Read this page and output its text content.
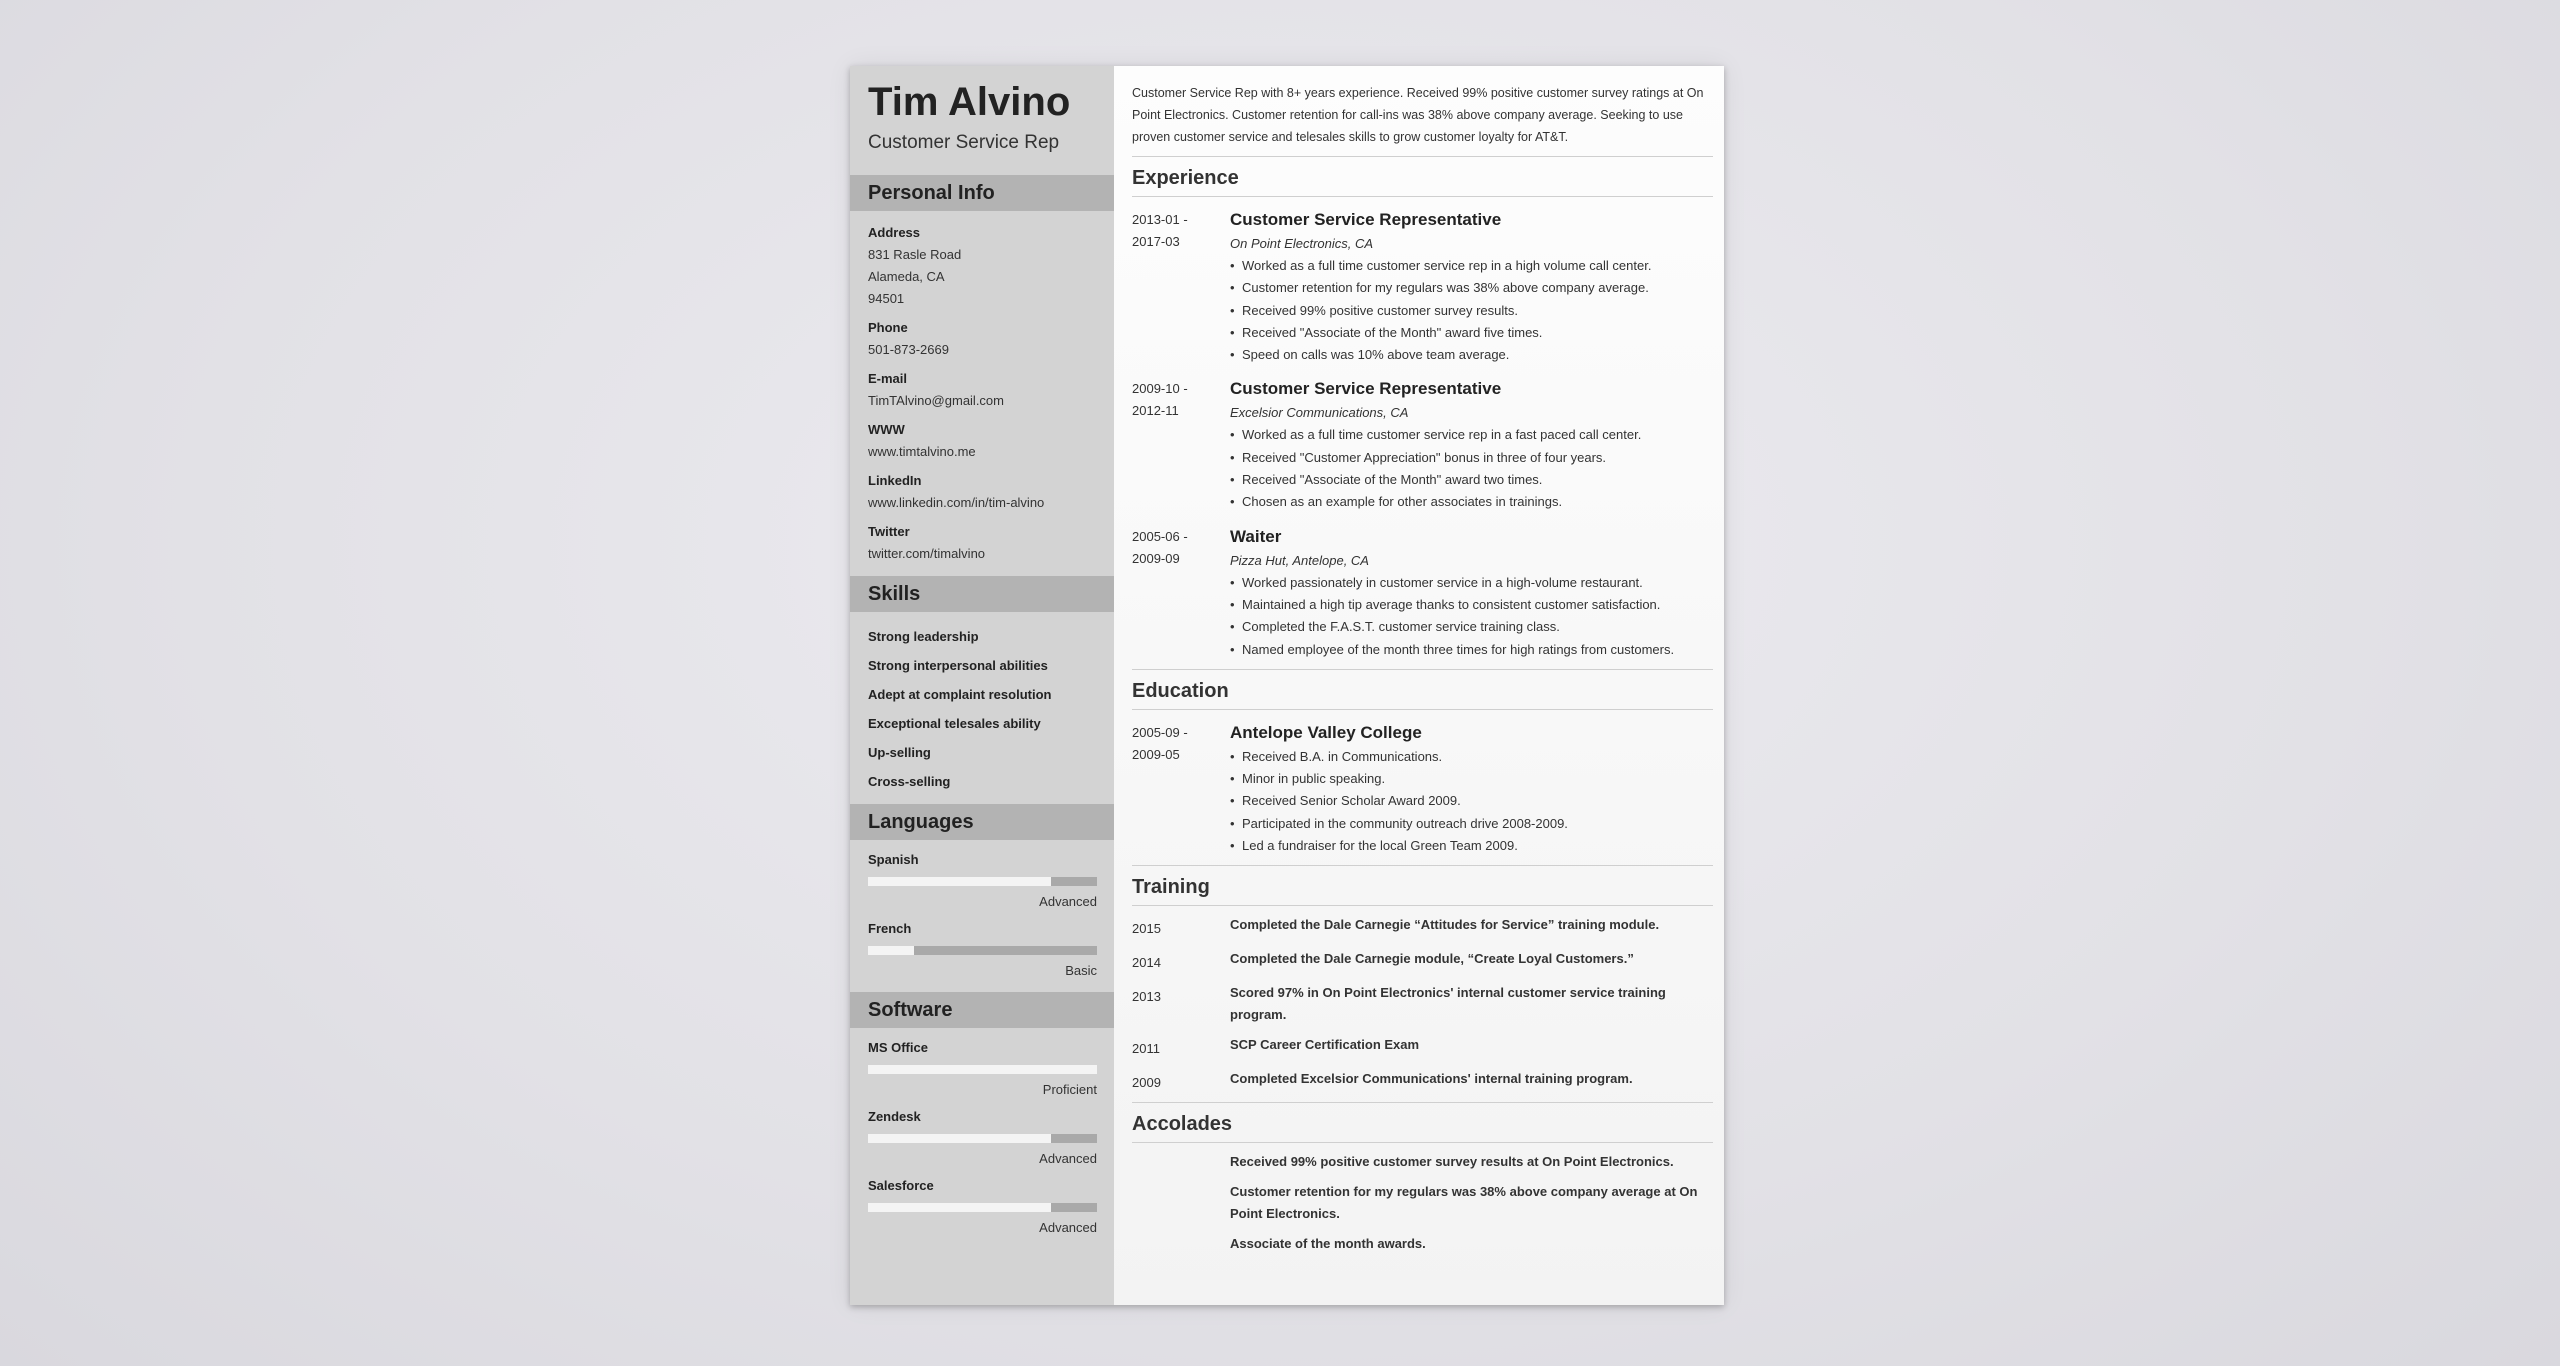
Tim Alvino
Customer Service Rep
Personal Info
Address
831 Rasle Road
Alameda, CA
94501
Phone
501-873-2669
E-mail
TimTAlvino@gmail.com
WWW
www.timtalvino.me
LinkedIn
www.linkedin.com/in/tim-alvino
Twitter
twitter.com/timalvino
Skills
Strong leadership
Strong interpersonal abilities
Adept at complaint resolution
Exceptional telesales ability
Up-selling
Cross-selling
Languages
Spanish
Advanced
French
Basic
Software
MS Office
Proficient
Zendesk
Advanced
Salesforce
Advanced
Customer Service Rep with 8+ years experience. Received 99% positive customer survey ratings at On Point Electronics. Customer retention for call-ins was 38% above company average. Seeking to use proven customer service and telesales skills to grow customer loyalty for AT&T.
Experience
2013-01 -
2017-03
Customer Service Representative
On Point Electronics, CA
• Worked as a full time customer service rep in a high volume call center.
• Customer retention for my regulars was 38% above company average.
• Received 99% positive customer survey results.
• Received "Associate of the Month" award five times.
• Speed on calls was 10% above team average.
2009-10 -
2012-11
Customer Service Representative
Excelsior Communications, CA
• Worked as a full time customer service rep in a fast paced call center.
• Received "Customer Appreciation" bonus in three of four years.
• Received "Associate of the Month" award two times.
• Chosen as an example for other associates in trainings.
2005-06 -
2009-09
Waiter
Pizza Hut, Antelope, CA
• Worked passionately in customer service in a high-volume restaurant.
• Maintained a high tip average thanks to consistent customer satisfaction.
• Completed the F.A.S.T. customer service training class.
• Named employee of the month three times for high ratings from customers.
Education
2005-09 -
2009-05
Antelope Valley College
• Received B.A. in Communications.
• Minor in public speaking.
• Received Senior Scholar Award 2009.
• Participated in the community outreach drive 2008-2009.
• Led a fundraiser for the local Green Team 2009.
Training
2015	Completed the Dale Carnegie “Attitudes for Service” training module.
2014	Completed the Dale Carnegie module, “Create Loyal Customers.”
2013	Scored 97% in On Point Electronics' internal customer service training program.
2011	SCP Career Certification Exam
2009	Completed Excelsior Communications' internal training program.
Accolades
Received 99% positive customer survey results at On Point Electronics.
Customer retention for my regulars was 38% above company average at On Point Electronics.
Associate of the month awards.
